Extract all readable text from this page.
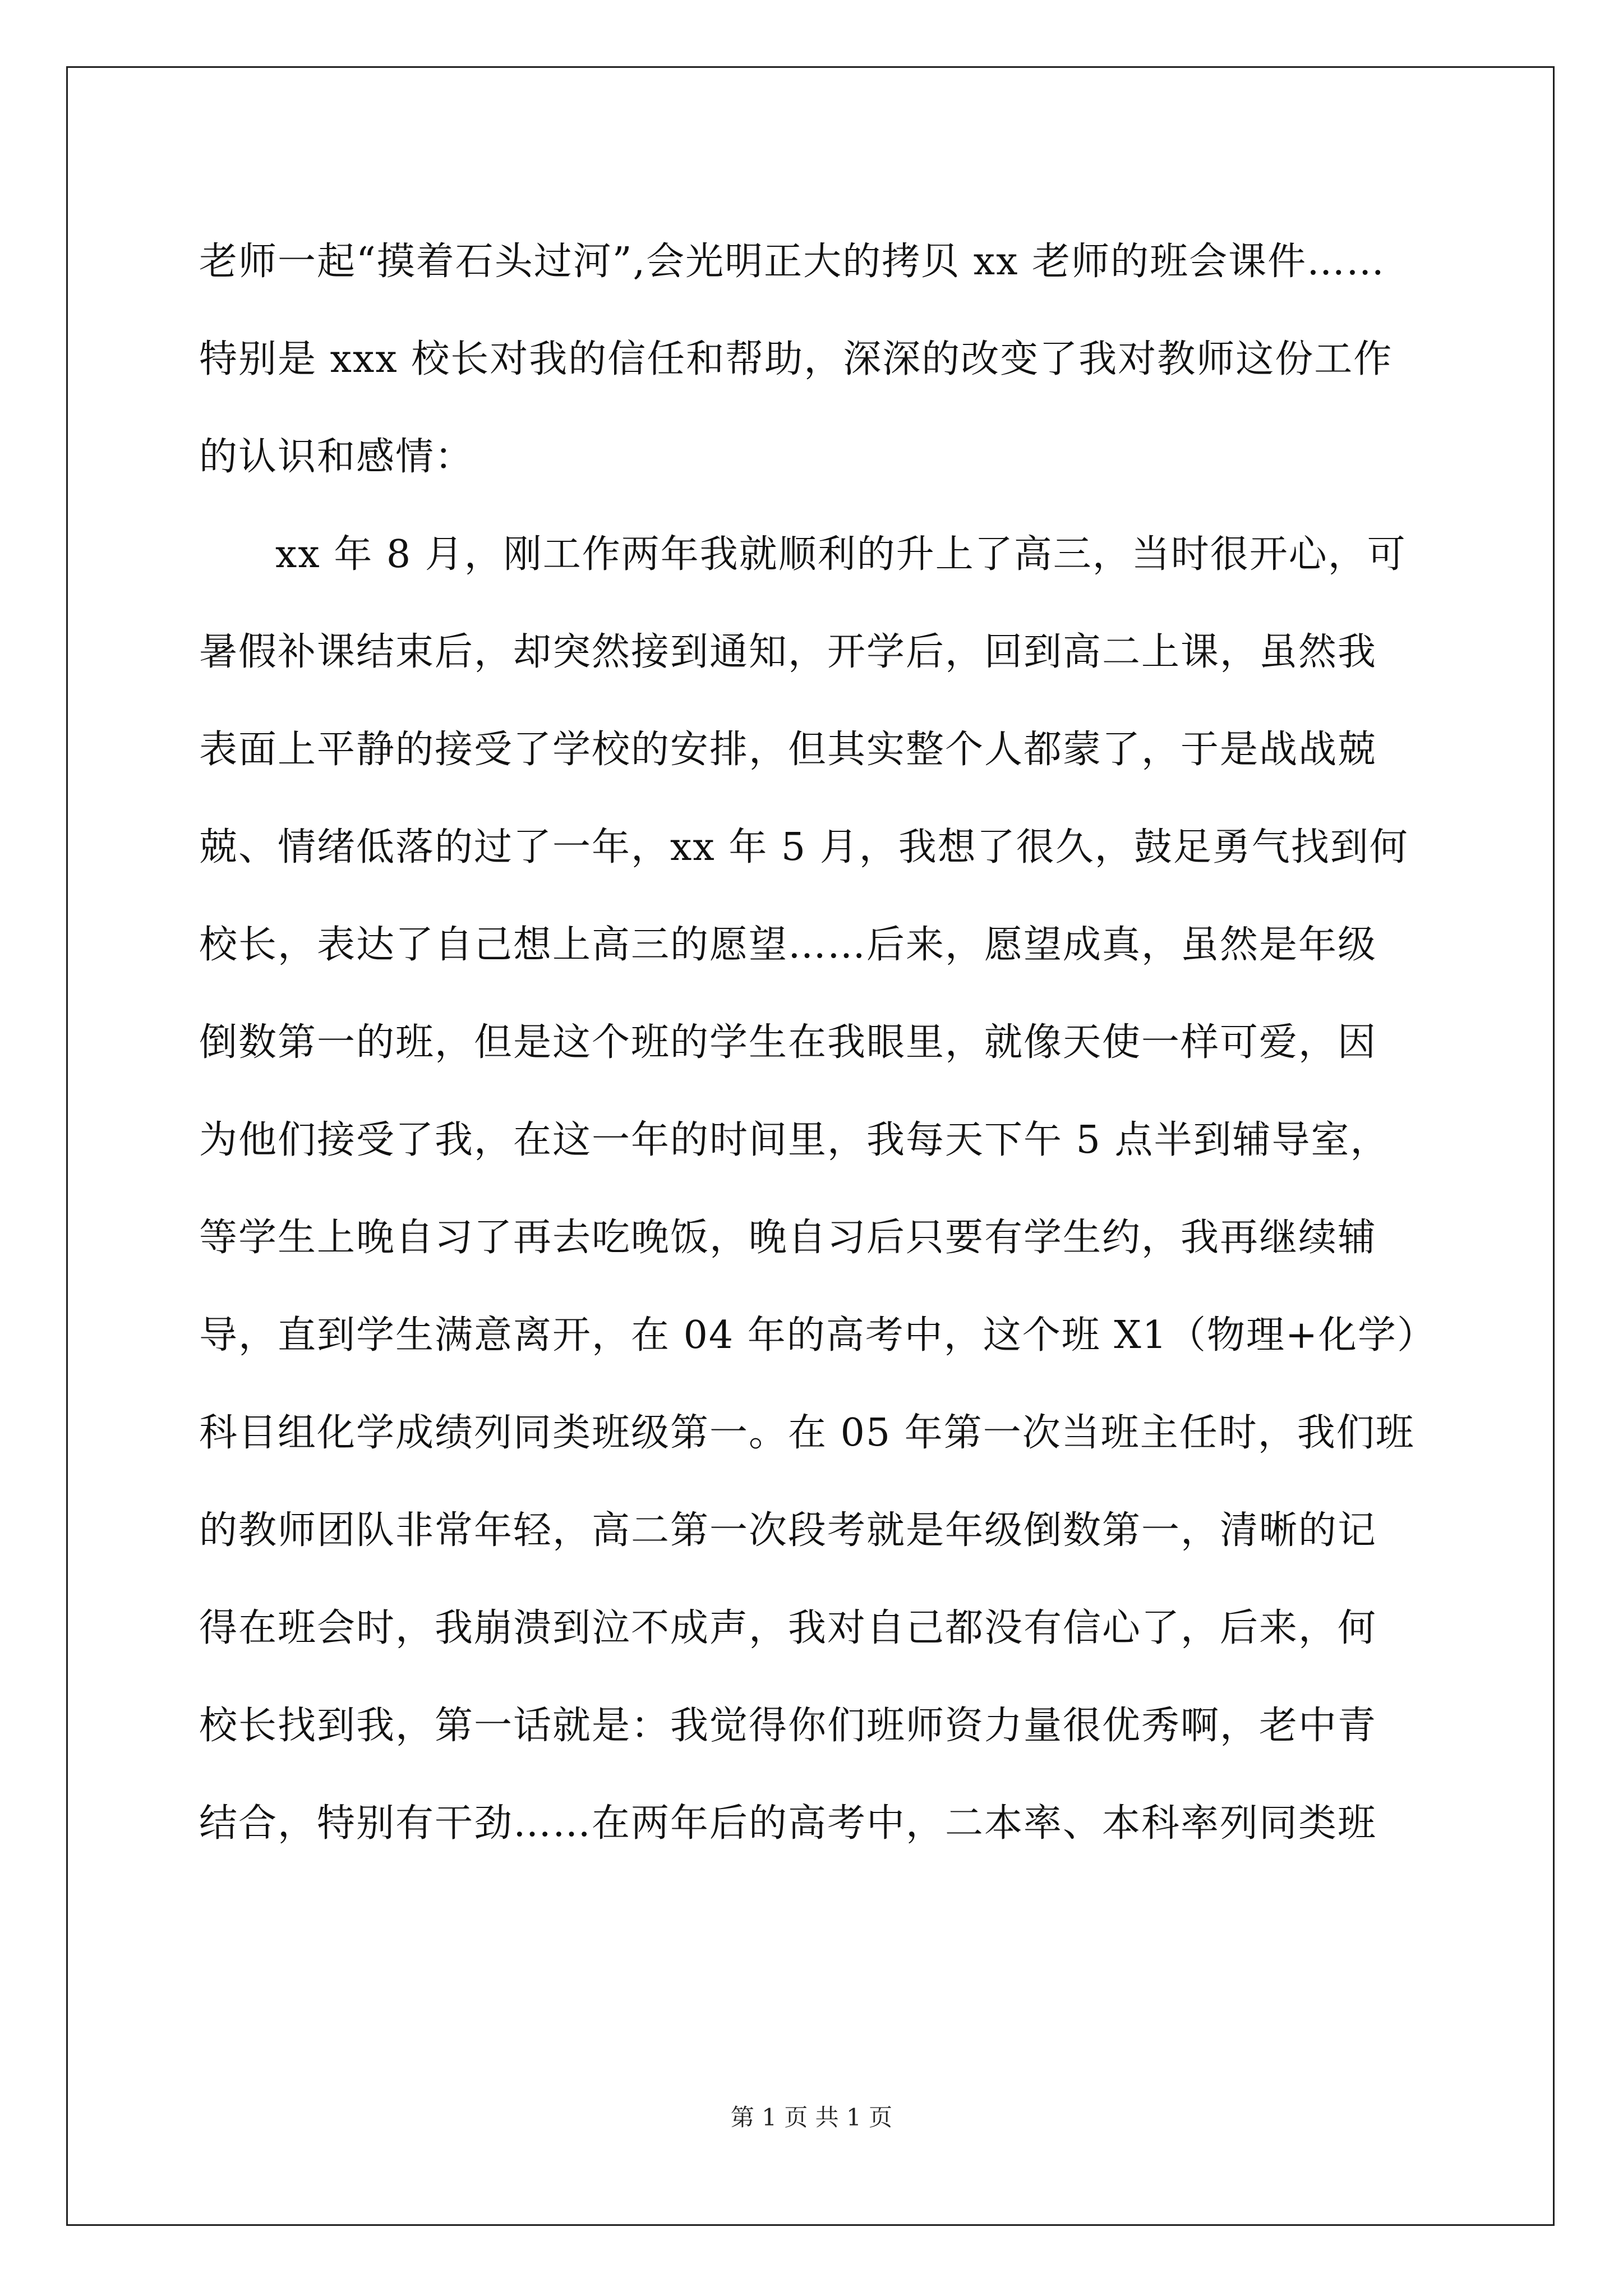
老师一起“摸着石头过河”,会光明正大的拷贝 xx 老师的班会课件……
特别是 xxx 校长对我的信任和帮助，深深的改变了我对教师这份工作
的认识和感情：
xx 年 8 月，刚工作两年我就顺利的升上了高三，当时很开心，可
暑假补课结束后，却突然接到通知，开学后，回到高二上课，虽然我
表面上平静的接受了学校的安排，但其实整个人都蒙了，于是战战兢
兢、情绪低落的过了一年，xx 年 5 月，我想了很久，鼓足勇气找到何
校长，表达了自己想上高三的愿望……后来，愿望成真，虽然是年级
倒数第一的班，但是这个班的学生在我眼里，就像天使一样可爱，因
为他们接受了我，在这一年的时间里，我每天下午 5 点半到辅导室，
等学生上晚自习了再去吃晚饭，晚自习后只要有学生约，我再继续辅
导，直到学生满意离开，在 04 年的高考中，这个班 X1（物理+化学）
科目组化学成绩列同类班级第一。在 05 年第一次当班主任时，我们班
的教师团队非常年轻，高二第一次段考就是年级倒数第一，清晰的记
得在班会时，我崩溃到泣不成声，我对自己都没有信心了，后来，何
校长找到我，第一话就是：我觉得你们班师资力量很优秀啊，老中青
结合，特别有干劲……在两年后的高考中，二本率、本科率列同类班
第 1 页 共 1 页
